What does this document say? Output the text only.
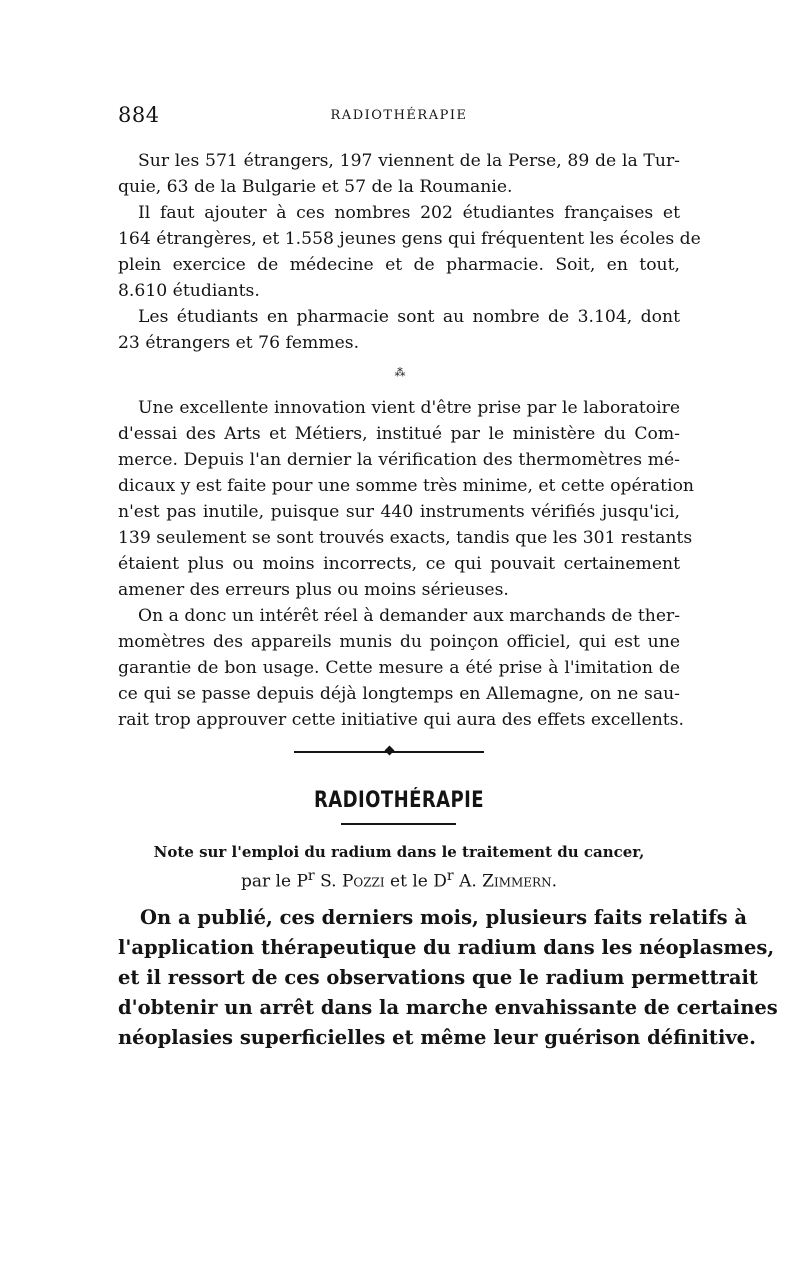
884	RADIOTHÉRAPIE

Sur les 571 étrangers, 197 viennent de la Perse, 89 de la Tur-
quie, 63 de la Bulgarie et 57 de la Roumanie.

Il faut ajouter à ces nombres 202 étudiantes françaises et
164 étrangères, et 1.558 jeunes gens qui fréquentent les écoles de
plein exercice de médecine et de pharmacie. Soit, en tout,
8.610 étudiants.

Les étudiants en pharmacie sont au nombre de 3.104, dont
23 étrangers et 76 femmes.

⁂

Une excellente innovation vient d'être prise par le laboratoire
d'essai des Arts et Métiers, institué par le ministère du Com-
merce. Depuis l'an dernier la vérification des thermomètres mé-
dicaux y est faite pour une somme très minime, et cette opération
n'est pas inutile, puisque sur 440 instruments vérifiés jusqu'ici,
139 seulement se sont trouvés exacts, tandis que les 301 restants
étaient plus ou moins incorrects, ce qui pouvait certainement
amener des erreurs plus ou moins sérieuses.

On a donc un intérêt réel à demander aux marchands de ther-
momètres des appareils munis du poinçon officiel, qui est une
garantie de bon usage. Cette mesure a été prise à l'imitation de
ce qui se passe depuis déjà longtemps en Allemagne, on ne sau-
rait trop approuver cette initiative qui aura des effets excellents.

RADIOTHÉRAPIE
Note sur l'emploi du radium dans le traitement du cancer,
par le $P^r$ S. Pozzi et le $D^r$ A. Zimmern.
On a publié, ces derniers mois, plusieurs faits relatifs à
l'application thérapeutique du radium dans les néoplasmes,
et il ressort de ces observations que le radium permettrait
d'obtenir un arrêt dans la marche envahissante de certaines
néoplasies superficielles et même leur guérison définitive.
